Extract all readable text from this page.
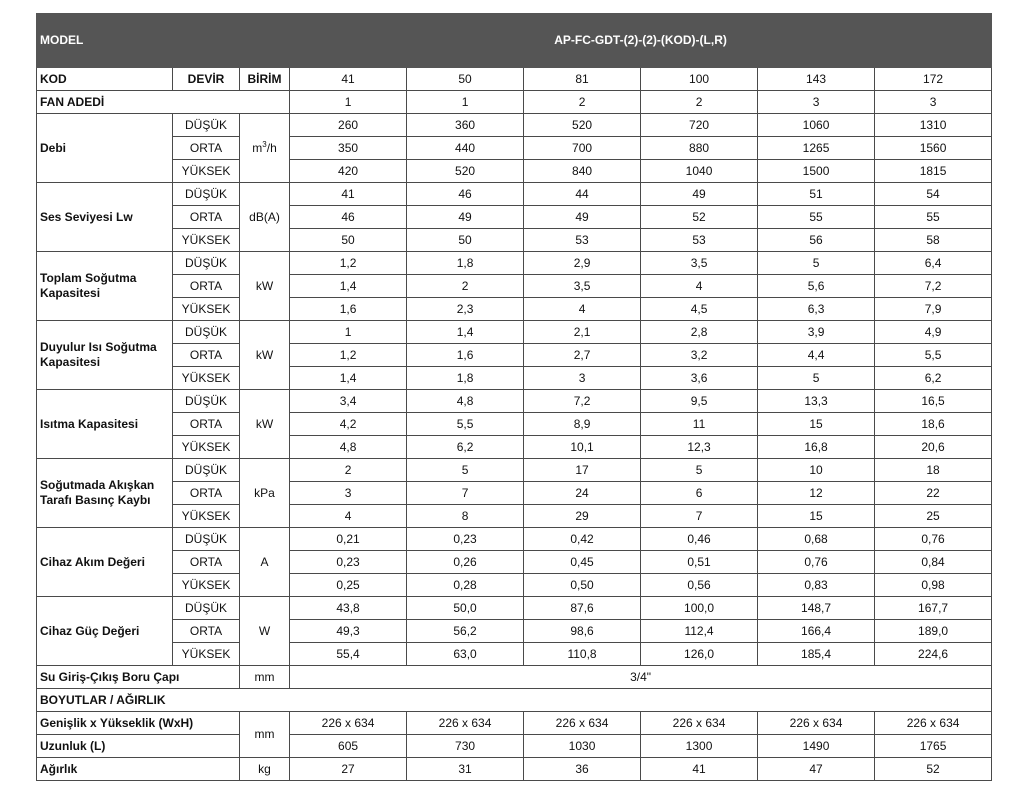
MODEL			AP-FC-GDT-(2)-(2)-(KOD)-(L,R)					
KOD	DEVİR	BİRİM	41	50	81	100	143	172
FAN ADEDİ			1	1	2	2	3	3
Debi	DÜŞÜK	$m^3/h$	260	360	520	720	1060	1310
	ORTA		350	440	700	880	1265	1560
	YÜKSEK		420	520	840	1040	1500	1815
Ses Seviyesi Lw	DÜŞÜK	dB(A)	41	46	44	49	51	54
	ORTA		46	49	49	52	55	55
	YÜKSEK		50	50	53	53	56	58
Toplam Soğutma Kapasitesi	DÜŞÜK	kW	1,2	1,8	2,9	3,5	5	6,4
	ORTA		1,4	2	3,5	4	5,6	7,2
	YÜKSEK		1,6	2,3	4	4,5	6,3	7,9
Duyulur Isı Soğutma Kapasitesi	DÜŞÜK	kW	1	1,4	2,1	2,8	3,9	4,9
	ORTA		1,2	1,6	2,7	3,2	4,4	5,5
	YÜKSEK		1,4	1,8	3	3,6	5	6,2
Isıtma Kapasitesi	DÜŞÜK	kW	3,4	4,8	7,2	9,5	13,3	16,5
	ORTA		4,2	5,5	8,9	11	15	18,6
	YÜKSEK		4,8	6,2	10,1	12,3	16,8	20,6
Soğutmada Akışkan Tarafı Basınç Kaybı	DÜŞÜK	kPa	2	5	17	5	10	18
	ORTA		3	7	24	6	12	22
	YÜKSEK		4	8	29	7	15	25
Cihaz Akım Değeri	DÜŞÜK	A	0,21	0,23	0,42	0,46	0,68	0,76
	ORTA		0,23	0,26	0,45	0,51	0,76	0,84
	YÜKSEK		0,25	0,28	0,50	0,56	0,83	0,98
Cihaz Güç Değeri	DÜŞÜK	W	43,8	50,0	87,6	100,0	148,7	167,7
	ORTA		49,3	56,2	98,6	112,4	166,4	189,0
	YÜKSEK		55,4	63,0	110,8	126,0	185,4	224,6
Su Giriş-Çıkış Boru Çapı		mm	3/4"					
BOYUTLAR / AĞIRLIK								
Genişlik x Yükseklik (WxH)		mm	226 x 634	226 x 634	226 x 634	226 x 634	226 x 634	226 x 634
Uzunluk (L)			605	730	1030	1300	1490	1765
Ağırlık		kg	27	31	36	41	47	52
